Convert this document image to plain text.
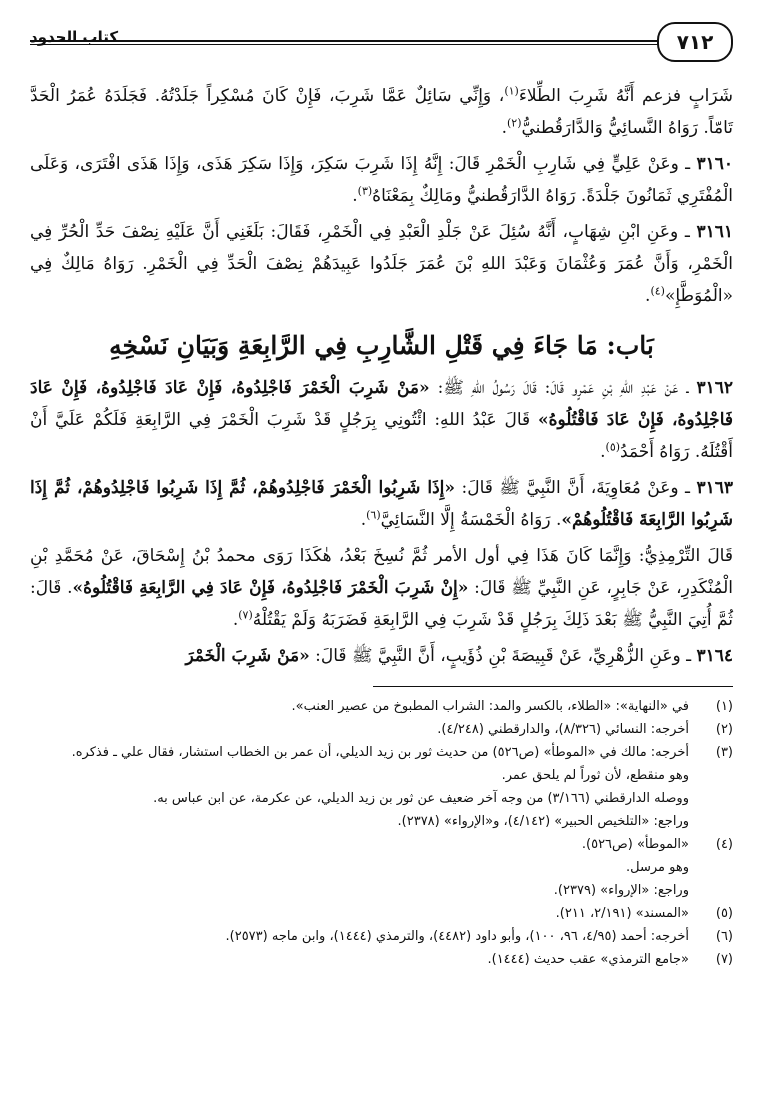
٧١٢
كتاب الحدود

شَرَابٍ فزعم أَنَّهُ شَرِبَ الطِّلاءَ$^{(١)}$، وَإِنِّي سَائِلٌ عَمَّا شَرِبَ، فَإِنْ كَانَ مُسْكِراً جَلَدْتُهُ. فَجَلَدَهُ عُمَرُ الْحَدَّ تَامّاً. رَوَاهُ النَّسائِيُّ وَالدَّارَقُطنيُّ$^{(٢)}$.

٣١٦٠ ـ وعَنْ عَلِيٍّ فِي شَارِبِ الْخَمْرِ قَالَ: إِنَّهُ إِذَا شَرِبَ سَكِرَ، وَإِذَا سَكِرَ هَذَى، وَإِذَا هَذَى افْتَرَى، وَعَلَى الْمُفْتَرِي ثَمَانُونَ جَلْدَةً. رَوَاهُ الدَّارَقُطنيُّ ومَالِكٌ بِمَعْنَاهُ$^{(٣)}$.

٣١٦١ ـ وعَنِ ابْنِ شِهَابٍ، أَنَّهُ سُئِلَ عَنْ جَلْدِ الْعَبْدِ فِي الْخَمْرِ، فَقَالَ: بَلَغَنِي أَنَّ عَلَيْهِ نِصْفَ حَدِّ الْحُرِّ فِي الْخَمْرِ، وَأَنَّ عُمَرَ وَعُثْمَانَ وَعَبْدَ اللهِ بْنَ عُمَرَ جَلَدُوا عَبِيدَهُمْ نِصْفَ الْحَدِّ فِي الْخَمْرِ. رَوَاهُ مَالِكٌ فِي «الْمُوَطَّإِ»$^{(٤)}$.

بَاب: مَا جَاءَ فِي قَتْلِ الشَّارِبِ فِي الرَّابِعَةِ وَبَيَانِ نَسْخِهِ

٣١٦٢ ـ عَنْ عَبْدِ اللهِ بْنِ عَمْرٍو قَالَ: قَالَ رَسُولُ اللهِ ﷺ: «مَنْ شَرِبَ الْخَمْرَ فَاجْلِدُوهُ، فَإِنْ عَادَ فَاجْلِدُوهُ، فَإِنْ عَادَ فَاجْلِدُوهُ، فَإِنْ عَادَ فَاقْتُلُوهُ» قَالَ عَبْدُ اللهِ: ائْتُونِي بِرَجُلٍ قَدْ شَرِبَ الْخَمْرَ فِي الرَّابِعَةِ فَلَكُمْ عَلَيَّ أَنْ أَقْتُلَهُ. رَوَاهُ أَحْمَدُ$^{(٥)}$.

٣١٦٣ ـ وعَنْ مُعَاوِيَةَ، أَنَّ النَّبِيَّ ﷺ قَالَ: «إِذَا شَرِبُوا الْخَمْرَ فَاجْلِدُوهُمْ، ثُمَّ إِذَا شَرِبُوا فَاجْلِدُوهُمْ، ثُمَّ إِذَا شَرِبُوا الرَّابِعَةَ فَاقْتُلُوهُمْ». رَوَاهُ الْخَمْسَةُ إِلَّا النَّسَائِيَّ$^{(٦)}$.

قَالَ التِّرْمِذِيُّ: وَإِنَّمَا كَانَ هَذَا فِي أول الأمر ثُمَّ نُسِخَ بَعْدُ، هٰكَذَا رَوَى محمدُ بْنُ إِسْحَاقَ، عَنْ مُحَمَّدِ بْنِ الْمُنْكَدِرِ، عَنْ جَابِرٍ، عَنِ النَّبِيِّ ﷺ قَالَ: «إِنْ شَرِبَ الْخَمْرَ فَاجْلِدُوهُ، فَإِنْ عَادَ فِي الرَّابِعَةِ فَاقْتُلُوهُ». قَالَ: ثُمَّ أُتِيَ النَّبِيُّ ﷺ بَعْدَ ذَلِكَ بِرَجُلٍ قَدْ شَرِبَ فِي الرَّابِعَةِ فَضَرَبَهُ وَلَمْ يَقْتُلْهُ$^{(٧)}$.

٣١٦٤ ـ وعَنِ الزُّهْرِيِّ، عَنْ قَبِيصَةَ بْنِ ذُؤَيبٍ، أَنَّ النَّبِيَّ ﷺ قَالَ: «مَنْ شَرِبَ الْخَمْرَ

(١)
في «النهاية»: «الطلاء، بالكسر والمد: الشراب المطبوخ من عصير العنب».
(٢)
أخرجه: النسائي (٨/٣٢٦)، والدارقطني (٤/٢٤٨).
(٣)
أخرجه: مالك في «الموطأ» (ص٥٢٦) من حديث ثور بن زيد الديلي، أن عمر بن الخطاب استشار، فقال علي ـ فذكره.
وهو منقطع، لأن ثوراً لم يلحق عمر.
ووصله الدارقطني (٣/١٦٦) من وجه آخر ضعيف عن ثور بن زيد الديلي، عن عكرمة، عن ابن عباس به.
وراجع: «التلخيص الحبير» (٤/١٤٢)، و«الإرواء» (٢٣٧٨).
(٤)
«الموطأ» (ص٥٢٦).
وهو مرسل.
وراجع: «الإرواء» (٢٣٧٩).
(٥)
«المسند» (٢/١٩١، ٢١١).
(٦)
أخرجه: أحمد (٤/٩٥، ٩٦، ١٠٠)، وأبو داود (٤٤٨٢)، والترمذي (١٤٤٤)، وابن ماجه (٢٥٧٣).
(٧)
«جامع الترمذي» عقب حديث (١٤٤٤).
